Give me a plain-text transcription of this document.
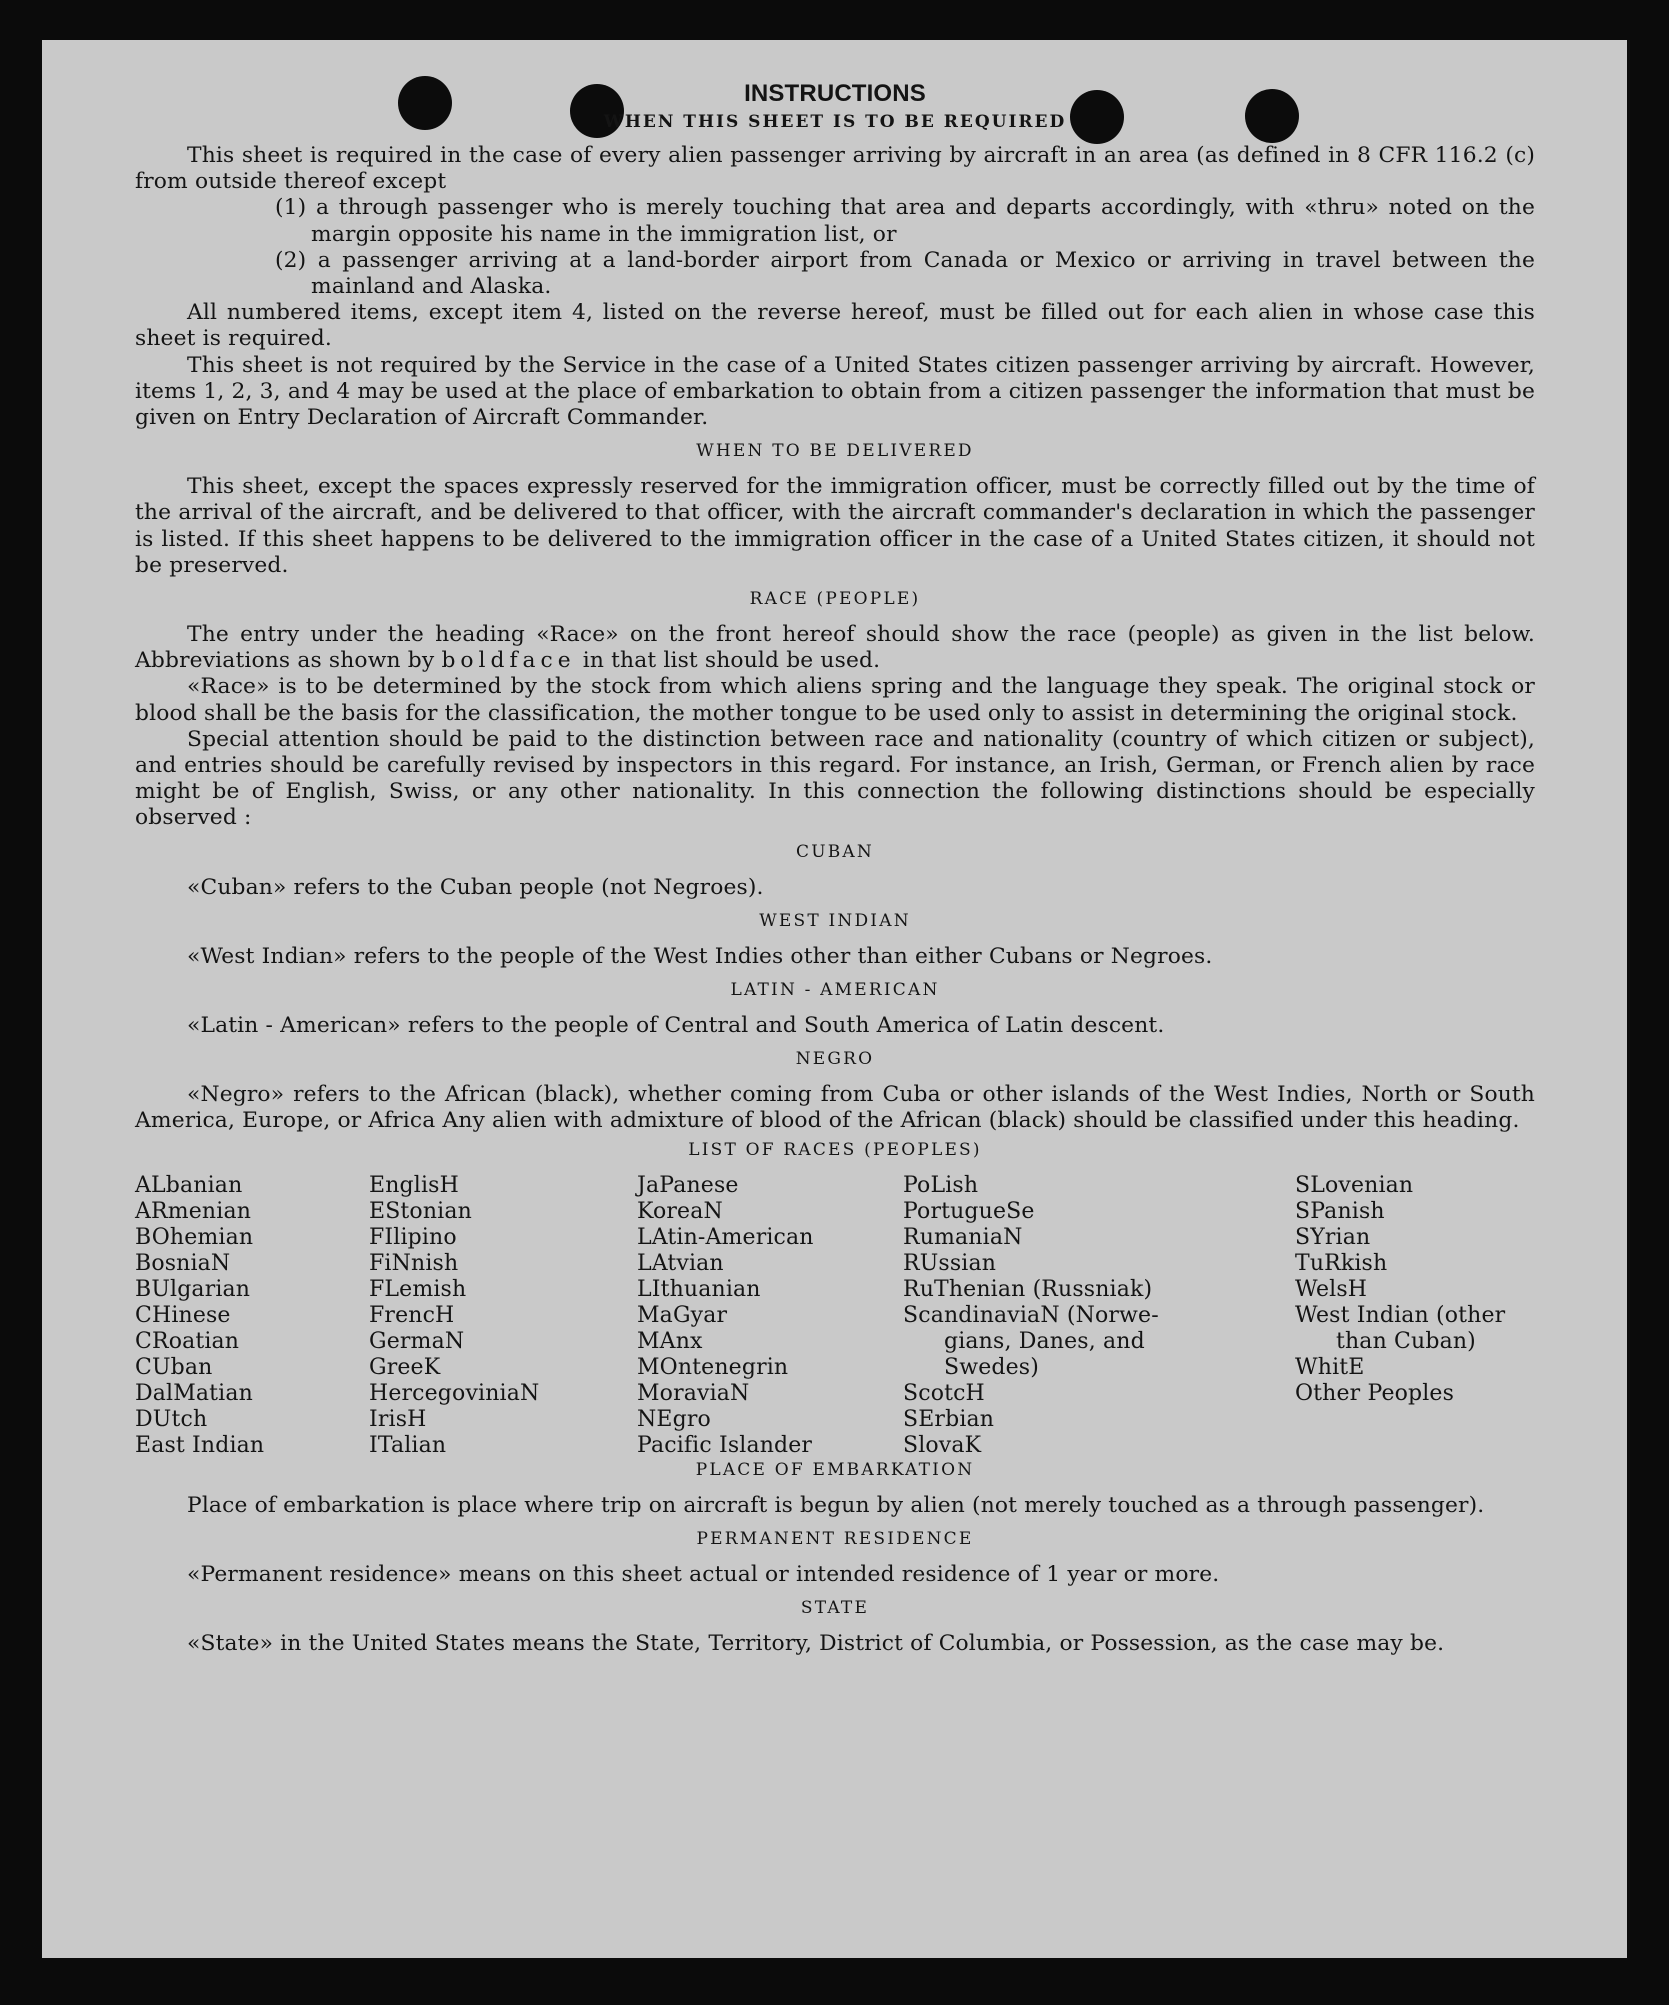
INSTRUCTIONS
WHEN THIS SHEET IS TO BE REQUIRED

This sheet is required in the case of every alien passenger arriving by aircraft in an area (as defined in 8 CFR 116.2 (c) from outside thereof except

(1) a through passenger who is merely touching that area and departs accordingly, with «thru» noted on the margin opposite his name in the immigration list, or

(2) a passenger arriving at a land-border airport from Canada or Mexico or arriving in travel between the mainland and Alaska.

All numbered items, except item 4, listed on the reverse hereof, must be filled out for each alien in whose case this sheet is required.

This sheet is not required by the Service in the case of a United States citizen passenger arriving by aircraft. However, items 1, 2, 3, and 4 may be used at the place of embarkation to obtain from a citizen passenger the information that must be given on Entry Declaration of Aircraft Commander.

WHEN TO BE DELIVERED

This sheet, except the spaces expressly reserved for the immigration officer, must be correctly filled out by the time of the arrival of the aircraft, and be delivered to that officer, with the aircraft commander's declaration in which the passenger is listed. If this sheet happens to be delivered to the immigration officer in the case of a United States citizen, it should not be preserved.

RACE (PEOPLE)

The entry under the heading «Race» on the front hereof should show the race (people) as given in the list below. Abbreviations as shown by boldface in that list should be used.

«Race» is to be determined by the stock from which aliens spring and the language they speak. The original stock or blood shall be the basis for the classification, the mother tongue to be used only to assist in determining the original stock.

Special attention should be paid to the distinction between race and nationality (country of which citizen or subject), and entries should be carefully revised by inspectors in this regard. For instance, an Irish, German, or French alien by race might be of English, Swiss, or any other nationality. In this connection the following distinctions should be especially observed :

CUBAN

«Cuban» refers to the Cuban people (not Negroes).

WEST INDIAN

«West Indian» refers to the people of the West Indies other than either Cubans or Negroes.

LATIN - AMERICAN

«Latin - American» refers to the people of Central and South America of Latin descent.

NEGRO

«Negro» refers to the African (black), whether coming from Cuba or other islands of the West Indies, North or South America, Europe, or Africa Any alien with admixture of blood of the African (black) should be classified under this heading.

LIST OF RACES (PEOPLES)
ALbanian
ARmenian
BOhemian
BosniaN
BUlgarian
CHinese
CRoatian
CUban
DalMatian
DUtch
East Indian
EnglisH
EStonian
FIlipino
FiNnish
FLemish
FrencH
GermaN
GreeK
HercegoviniaN
IrisH
ITalian
JaPanese
KoreaN
LAtin-American
LAtvian
LIthuanian
MaGyar
MAnx
MOntenegrin
MoraviaN
NEgro
Pacific Islander
PoLish
PortugueSe
RumaniaN
RUssian
RuThenian (Russniak)
ScandinaviaN (Norwe-
gians, Danes, and
Swedes)
ScotcH
SErbian
SlovaK
SLovenian
SPanish
SYrian
TuRkish
WelsH
West Indian (other
than Cuban)
WhitE
Other Peoples
PLACE OF EMBARKATION

Place of embarkation is place where trip on aircraft is begun by alien (not merely touched as a through passenger).

PERMANENT RESIDENCE

«Permanent residence» means on this sheet actual or intended residence of 1 year or more.

STATE

«State» in the United States means the State, Territory, District of Columbia, or Possession, as the case may be.
